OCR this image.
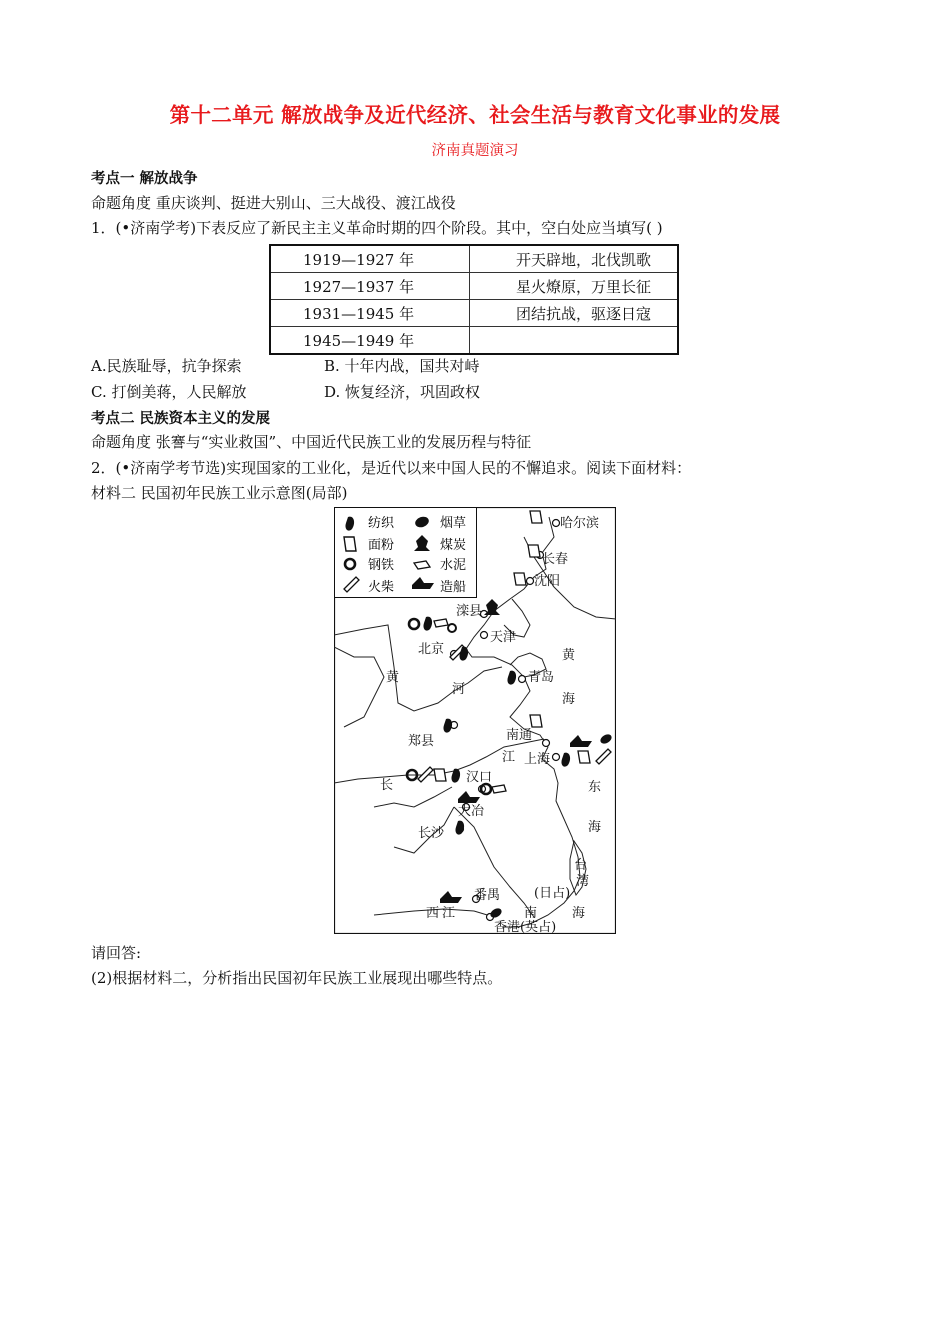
第十二单元 解放战争及近代经济、社会生活与教育文化事业的发展
济南真题演习
考点一 解放战争
命题角度 重庆谈判、挺进大别山、三大战役、渡江战役
1．(•济南学考)下表反应了新民主主义革命时期的四个阶段。其中，空白处应当填写( )
1919—1927 年	开天辟地，北伐凯歌
1927—1937 年	星火燎原，万里长征
1931—1945 年	团结抗战，驱逐日寇
1945—1949 年	
A.民族耻辱，抗争探索	B. 十年内战，国共对峙
C. 打倒美蒋，人民解放	D. 恢复经济，巩固政权
考点二 民族资本主义的发展
命题角度 张謇与“实业救国”、中国近代民族工业的发展历程与特征
2．(•济南学考节选)实现国家的工业化，是近代以来中国人民的不懈追求。阅读下面材料：
材料二 民国初年民族工业示意图(局部)
纺织	烟草
面粉	煤炭
钢铁	水泥
火柴	造船
哈尔滨
长春
沈阳
滦县
天津
北京
青岛
郑县	南通
汉口
上海
大冶
长沙
番禺
香港(英占)
黄
河
黄
海
长
江
东
海
南	海
西 江
台
湾
(日占)
请回答:
(2)根据材料二，分析指出民国初年民族工业展现出哪些特点。
